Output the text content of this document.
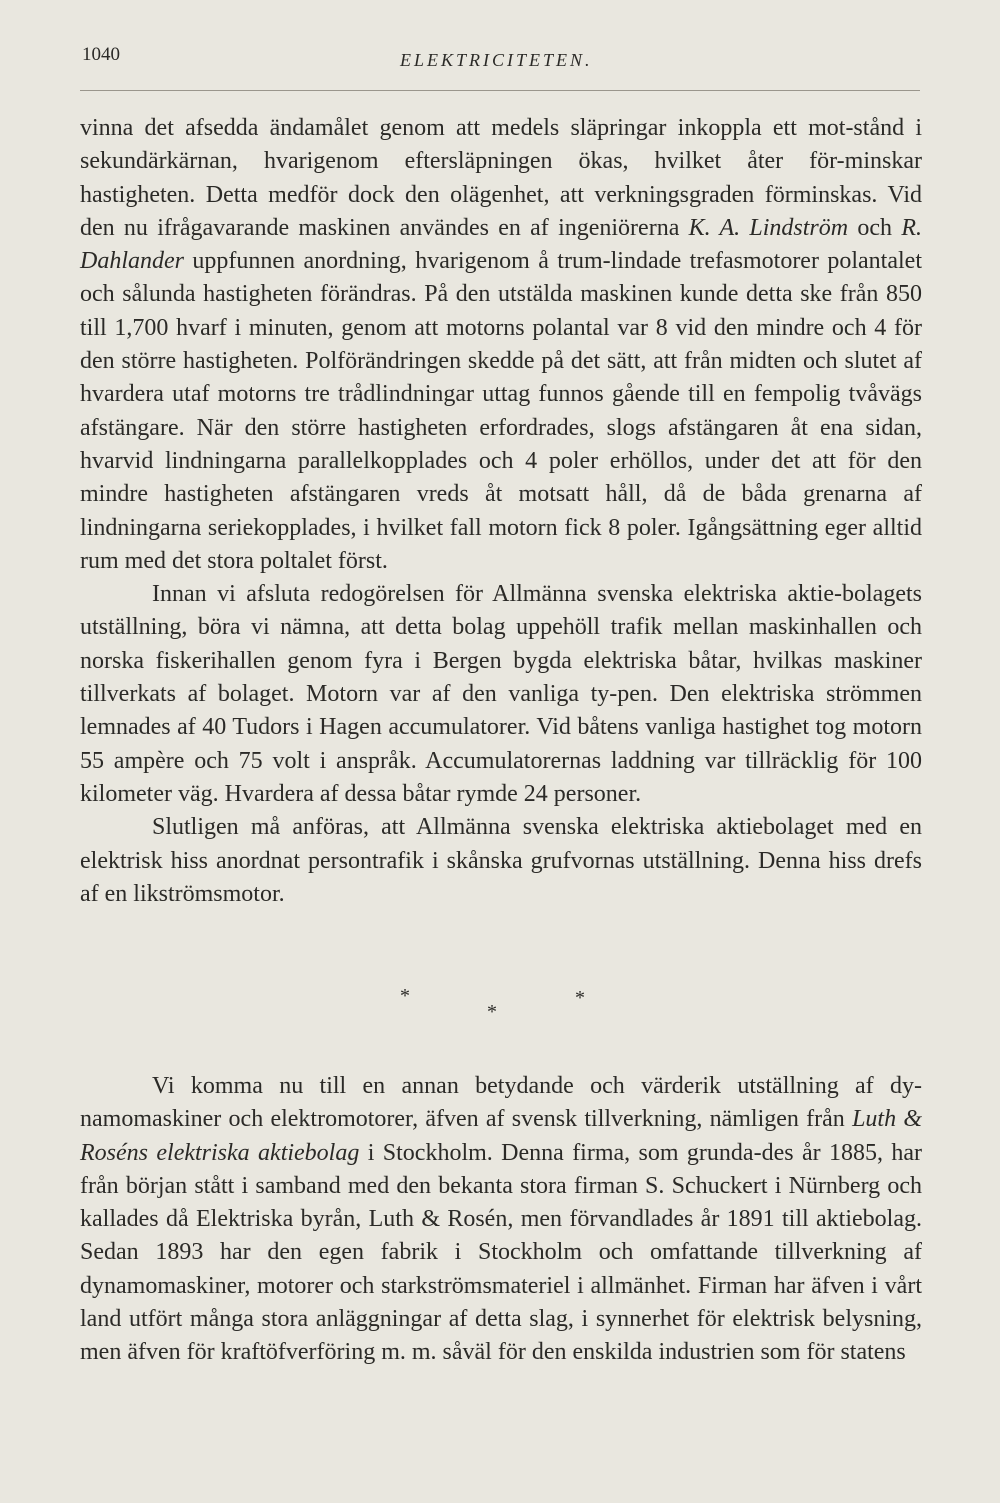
1040	ELEKTRICITETEN.

vinna det afsedda ändamålet genom att medels släpringar inkoppla ett mot-stånd i sekundärkärnan, hvarigenom eftersläpningen ökas, hvilket åter för-minskar hastigheten. Detta medför dock den olägenhet, att verkningsgraden förminskas. Vid den nu ifrågavarande maskinen användes en af ingeniörerna K. A. Lindström och R. Dahlander uppfunnen anordning, hvarigenom å trum-lindade trefasmotorer polantalet och sålunda hastigheten förändras. På den utstälda maskinen kunde detta ske från 850 till 1,700 hvarf i minuten, genom att motorns polantal var 8 vid den mindre och 4 för den större hastigheten. Polförändringen skedde på det sätt, att från midten och slutet af hvardera utaf motorns tre trådlindningar uttag funnos gående till en fempolig tvåvägs afstängare. När den större hastigheten erfordrades, slogs afstängaren åt ena sidan, hvarvid lindningarna parallelkopplades och 4 poler erhöllos, under det att för den mindre hastigheten afstängaren vreds åt motsatt håll, då de båda grenarna af lindningarna seriekopplades, i hvilket fall motorn fick 8 poler. Igångsättning eger alltid rum med det stora poltalet först.

Innan vi afsluta redogörelsen för Allmänna svenska elektriska aktie-bolagets utställning, böra vi nämna, att detta bolag uppehöll trafik mellan maskinhallen och norska fiskerihallen genom fyra i Bergen bygda elektriska båtar, hvilkas maskiner tillverkats af bolaget. Motorn var af den vanliga ty-pen. Den elektriska strömmen lemnades af 40 Tudors i Hagen accumulatorer. Vid båtens vanliga hastighet tog motorn 55 ampère och 75 volt i anspråk. Accumulatorernas laddning var tillräcklig för 100 kilometer väg. Hvardera af dessa båtar rymde 24 personer.

Slutligen må anföras, att Allmänna svenska elektriska aktiebolaget med en elektrisk hiss anordnat persontrafik i skånska grufvornas utställning. Denna hiss drefs af en likströmsmotor.

*
*
*

Vi komma nu till en annan betydande och värderik utställning af dy-namomaskiner och elektromotorer, äfven af svensk tillverkning, nämligen från Luth & Roséns elektriska aktiebolag i Stockholm. Denna firma, som grunda-des år 1885, har från början stått i samband med den bekanta stora firman S. Schuckert i Nürnberg och kallades då Elektriska byrån, Luth & Rosén, men förvandlades år 1891 till aktiebolag. Sedan 1893 har den egen fabrik i Stockholm och omfattande tillverkning af dynamomaskiner, motorer och starkströmsmateriel i allmänhet. Firman har äfven i vårt land utfört många stora anläggningar af detta slag, i synnerhet för elektrisk belysning, men äfven för kraftöfverföring m. m. såväl för den enskilda industrien som för statens
